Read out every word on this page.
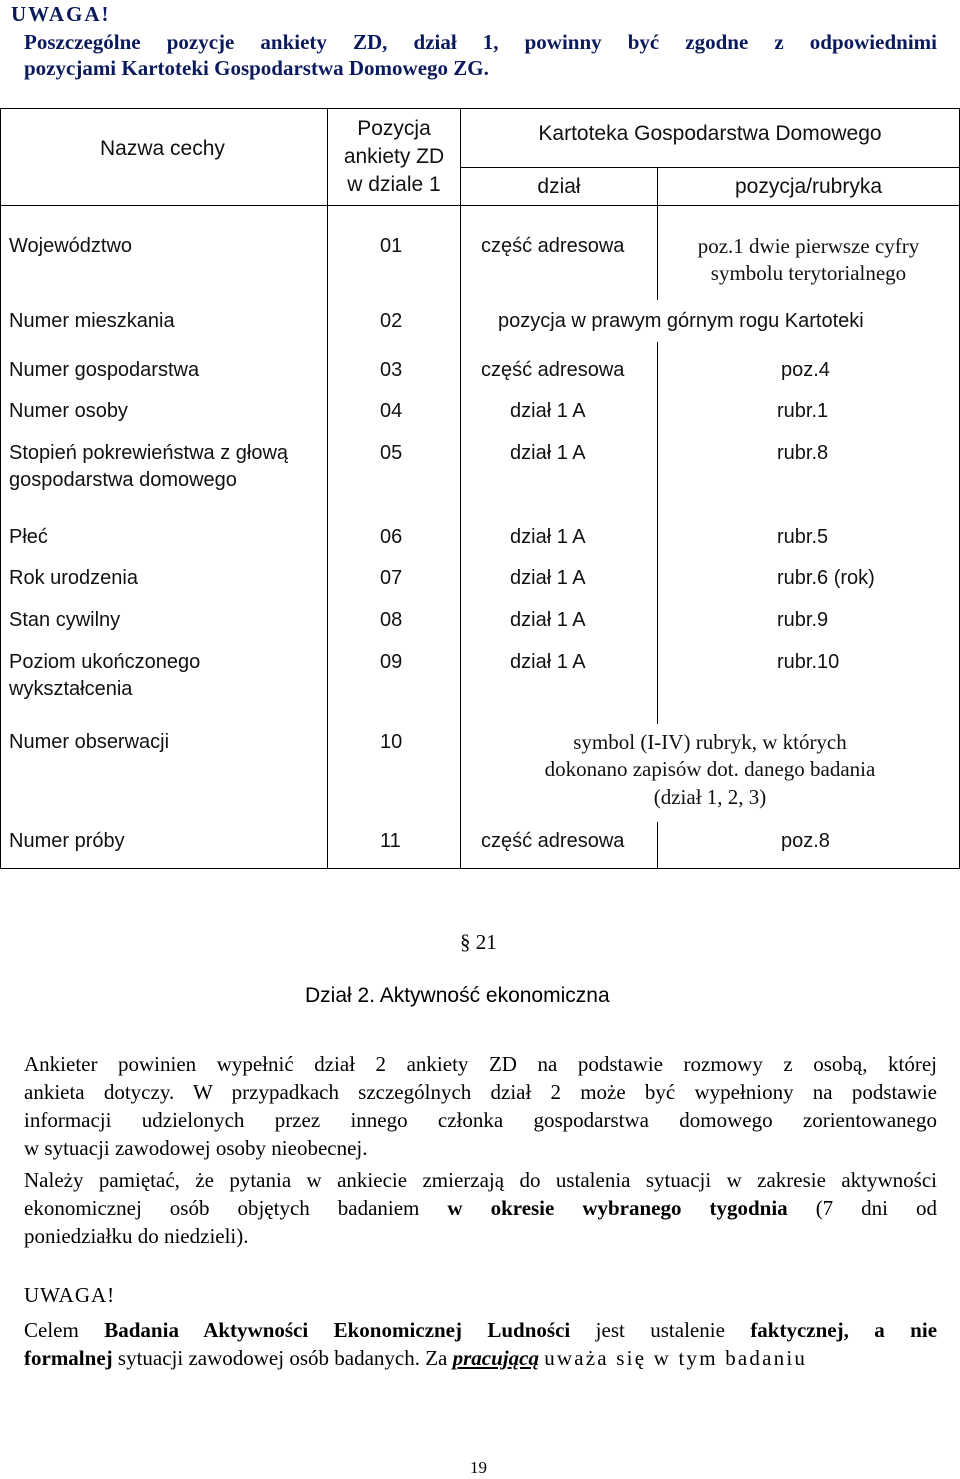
UWAGA!
Poszczególne pozycje ankiety ZD, dział 1, powinny być zgodne z odpowiednimi
pozycjami Kartoteki Gospodarstwa Domowego ZG.
Nazwa cechy
Pozycja
ankiety ZD
w dziale 1
Kartoteka Gospodarstwa Domowego
dział	pozycja/rubryka
Województwo	01	część adresowa	poz.1 dwie pierwsze cyfry
symbolu terytorialnego
Numer mieszkania	02	pozycja w prawym górnym rogu Kartoteki
Numer gospodarstwa	03	część adresowa	poz.4
Numer osoby	04	dział 1 A	rubr.1
Stopień pokrewieństwa z głową
gospodarstwa domowego
05	dział 1 A	rubr.8
Płeć	06	dział 1 A	rubr.5
Rok urodzenia	07	dział 1 A	rubr.6 (rok)
Stan cywilny	08	dział 1 A	rubr.9
Poziom ukończonego
wykształcenia
09	dział 1 A	rubr.10
Numer obserwacji	10	symbol (I-IV) rubryk, w których
dokonano zapisów dot. danego badania
(dział 1, 2, 3)
Numer próby	11	część adresowa	poz.8
§ 21
Dział 2. Aktywność ekonomiczna
Ankieter powinien wypełnić dział 2 ankiety ZD na podstawie rozmowy z osobą, której
ankieta dotyczy. W przypadkach szczególnych dział 2 może być wypełniony na podstawie
informacji udzielonych przez innego członka gospodarstwa domowego zorientowanego
w sytuacji zawodowej osoby nieobecnej.
Należy pamiętać, że pytania w ankiecie zmierzają do ustalenia sytuacji w zakresie aktywności
ekonomicznej osób objętych badaniem w okresie wybranego tygodnia (7 dni od
poniedziałku do niedzieli).
UWAGA!
Celem Badania Aktywności Ekonomicznej Ludności jest ustalenie faktycznej, a nie
formalnej sytuacji zawodowej osób badanych. Za pracującą uważa się w tym badaniu
19
